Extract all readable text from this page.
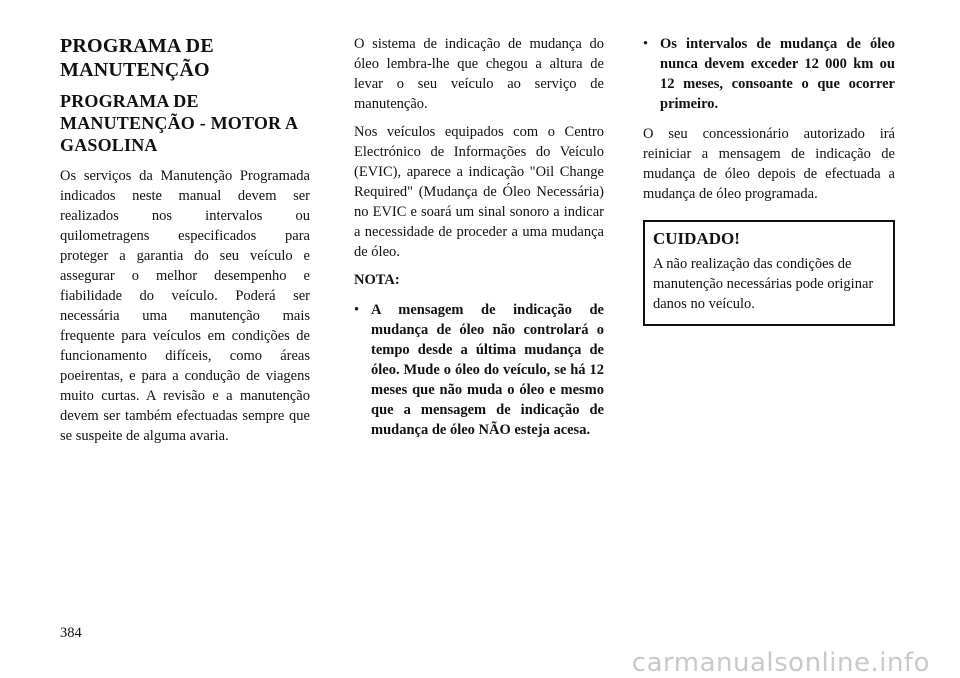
PROGRAMA DE MANUTENÇÃO
PROGRAMA DE MANUTENÇÃO - MOTOR A GASOLINA

Os serviços da Manutenção Programada indicados neste manual devem ser realizados nos intervalos ou quilometragens especificados para proteger a garantia do seu veículo e assegurar o melhor desempenho e fiabilidade do veículo. Poderá ser necessária uma manutenção mais frequente para veículos em condições de funcionamento difíceis, como áreas poeirentas, e para a condução de viagens muito curtas. A revisão e a manutenção devem ser também efectuadas sempre que se suspeite de alguma avaria.

O sistema de indicação de mudança do óleo lembra-lhe que chegou a altura de levar o seu veículo ao serviço de manutenção.

Nos veículos equipados com o Centro Electrónico de Informações do Veículo (EVIC), aparece a indicação "Oil Change Required" (Mudança de Óleo Necessária) no EVIC e soará um sinal sonoro a indicar a necessidade de proceder a uma mudança de óleo.

NOTA:

• A mensagem de indicação de mudança de óleo não controlará o tempo desde a última mudança de óleo. Mude o óleo do veículo, se há 12 meses que não muda o óleo e mesmo que a mensagem de indicação de mudança de óleo NÃO esteja acesa.
• Os intervalos de mudança de óleo nunca devem exceder 12 000 km ou 12 meses, consoante o que ocorrer primeiro.

O seu concessionário autorizado irá reiniciar a mensagem de indicação de mudança de óleo depois de efectuada a mudança de óleo programada.

CUIDADO!

A não realização das condições de manutenção necessárias pode originar danos no veículo.

384
carmanualsonline.info
